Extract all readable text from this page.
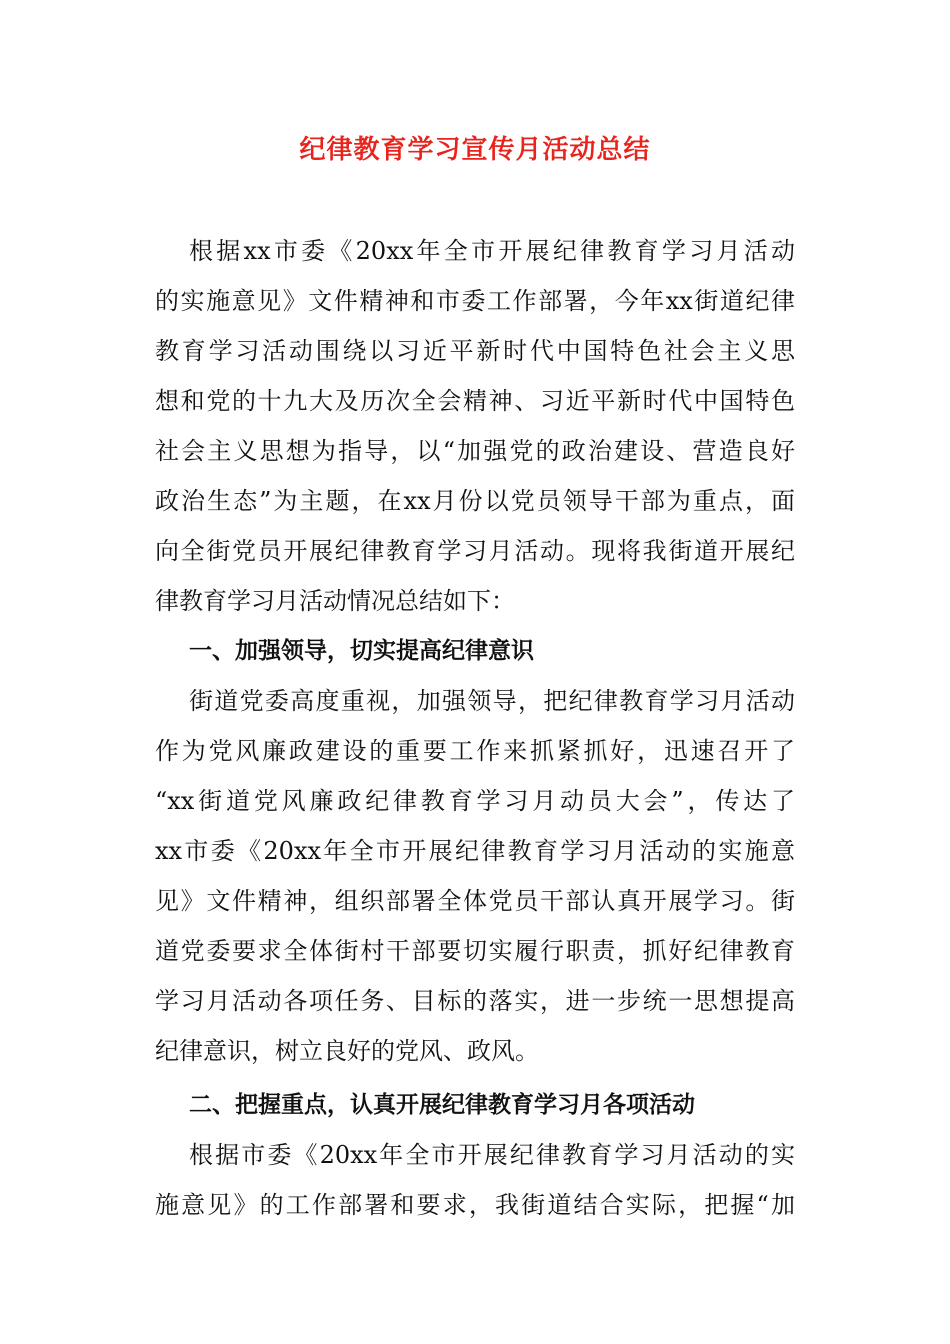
纪律教育学习宣传月活动总结
根据xx市委《20xx年全市开展纪律教育学习月活动
的实施意见》文件精神和市委工作部署，今年xx街道纪律
教育学习活动围绕以习近平新时代中国特色社会主义思
想和党的十九大及历次全会精神、习近平新时代中国特色
社会主义思想为指导，以“加强党的政治建设、营造良好
政治生态”为主题，在xx月份以党员领导干部为重点，面
向全街党员开展纪律教育学习月活动。现将我街道开展纪
律教育学习月活动情况总结如下：
一、加强领导，切实提高纪律意识
街道党委高度重视，加强领导，把纪律教育学习月活动
作为党风廉政建设的重要工作来抓紧抓好，迅速召开了
“xx街道党风廉政纪律教育学习月动员大会”，传达了
xx市委《20xx年全市开展纪律教育学习月活动的实施意
见》文件精神，组织部署全体党员干部认真开展学习。街
道党委要求全体街村干部要切实履行职责，抓好纪律教育
学习月活动各项任务、目标的落实，进一步统一思想提高
纪律意识，树立良好的党风、政风。
二、把握重点，认真开展纪律教育学习月各项活动
根据市委《20xx年全市开展纪律教育学习月活动的实
施意见》的工作部署和要求，我街道结合实际，把握“加
